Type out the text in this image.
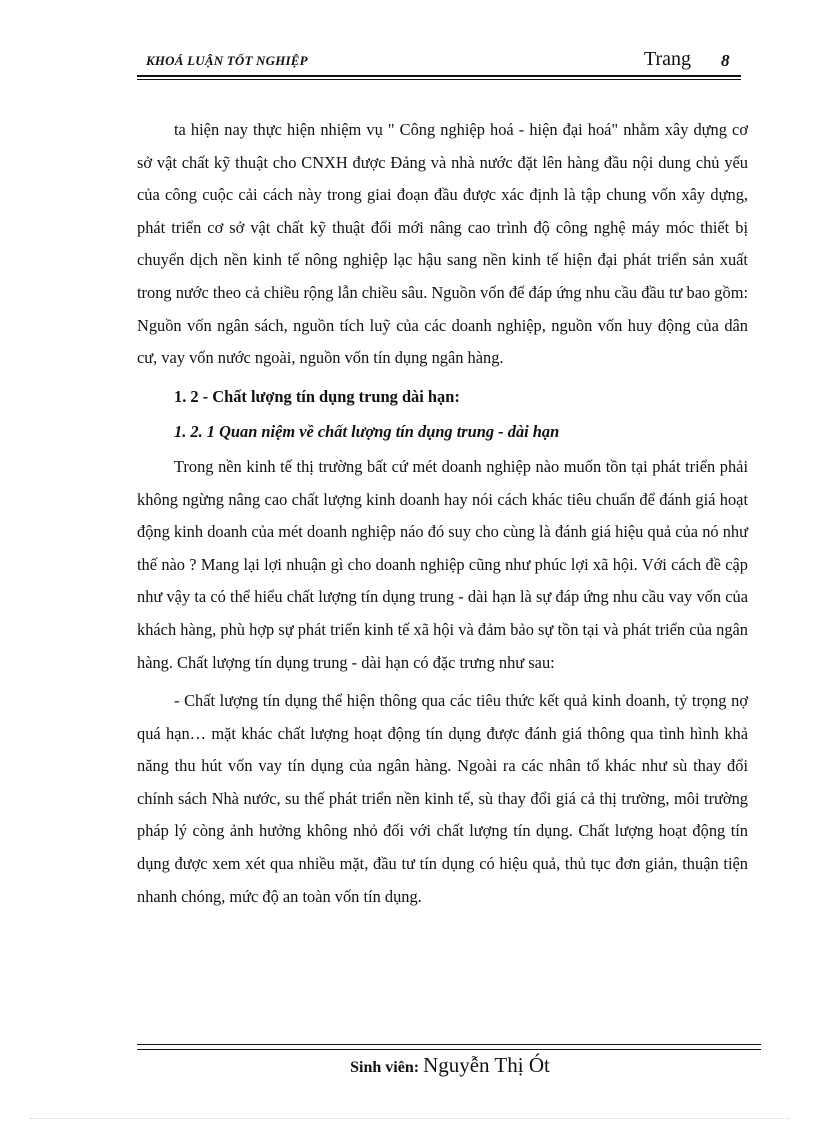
KHOÁ LUẬN TỐT NGHIỆP	Trang 8

ta hiện nay thực hiện nhiệm vụ " Công nghiệp hoá - hiện đại hoá" nhằm xây dựng cơ sở vật chất kỹ thuật cho CNXH được Đảng và nhà nước đặt lên hàng đầu nội dung chủ yếu của công cuộc cải cách này trong giai đoạn đầu được xác định là tập chung vốn xây dựng, phát triển cơ sở vật chất kỹ thuật đổi mới nâng cao trình độ công nghệ máy móc thiết bị chuyển dịch nền kinh tế nông nghiệp lạc hậu sang nền kinh tế hiện đại phát triển sản xuất trong nước theo cả chiều rộng lẫn chiều sâu. Nguồn vốn để đáp ứng nhu cầu đầu tư bao gồm: Nguồn vốn ngân sách, nguồn tích luỹ của các doanh nghiệp, nguồn vốn huy động của dân cư, vay vốn nước ngoài, nguồn vốn tín dụng ngân hàng.

1. 2 - Chất lượng tín dụng trung dài hạn:

1. 2. 1 Quan niệm về chất lượng tín dụng trung - dài hạn

Trong nền kinh tế thị trường bất cứ mét doanh nghiệp nào muốn tồn tại phát triển phải không ngừng nâng cao chất lượng kinh doanh hay nói cách khác tiêu chuẩn để đánh giá hoạt động kinh doanh của mét doanh nghiệp náo đó suy cho cùng là đánh giá hiệu quả của nó như thế nào ? Mang lại lợi nhuận gì cho doanh nghiệp cũng như phúc lợi xã hội. Với cách đề cập như vậy ta có thể hiểu chất lượng tín dụng trung - dài hạn là sự đáp ứng nhu cầu vay vốn của khách hàng, phù hợp sự phát triển kinh tế xã hội và đảm bảo sự tồn tại và phát triển của ngân hàng. Chất lượng tín dụng trung - dài hạn có đặc trưng như sau:

- Chất lượng tín dụng thể hiện thông qua các tiêu thức kết quả kinh doanh, tỷ trọng nợ quá hạn… mặt khác chất lượng hoạt động tín dụng được đánh giá thông qua tình hình khả năng thu hút vốn vay tín dụng của ngân hàng. Ngoài ra các nhân tố khác như sù thay đổi chính sách Nhà nước, su thế phát triển nền kinh tế, sù thay đổi giá cả thị trường, môi trường pháp lý còng ảnh hưởng không nhỏ đối với chất lượng tín dụng. Chất lượng hoạt động tín dụng được xem xét qua nhiều mặt, đầu tư tín dụng có hiệu quả, thủ tục đơn giản, thuận tiện nhanh chóng, mức độ an toàn vốn tín dụng.

Sinh viên: Nguyễn Thị Ót
